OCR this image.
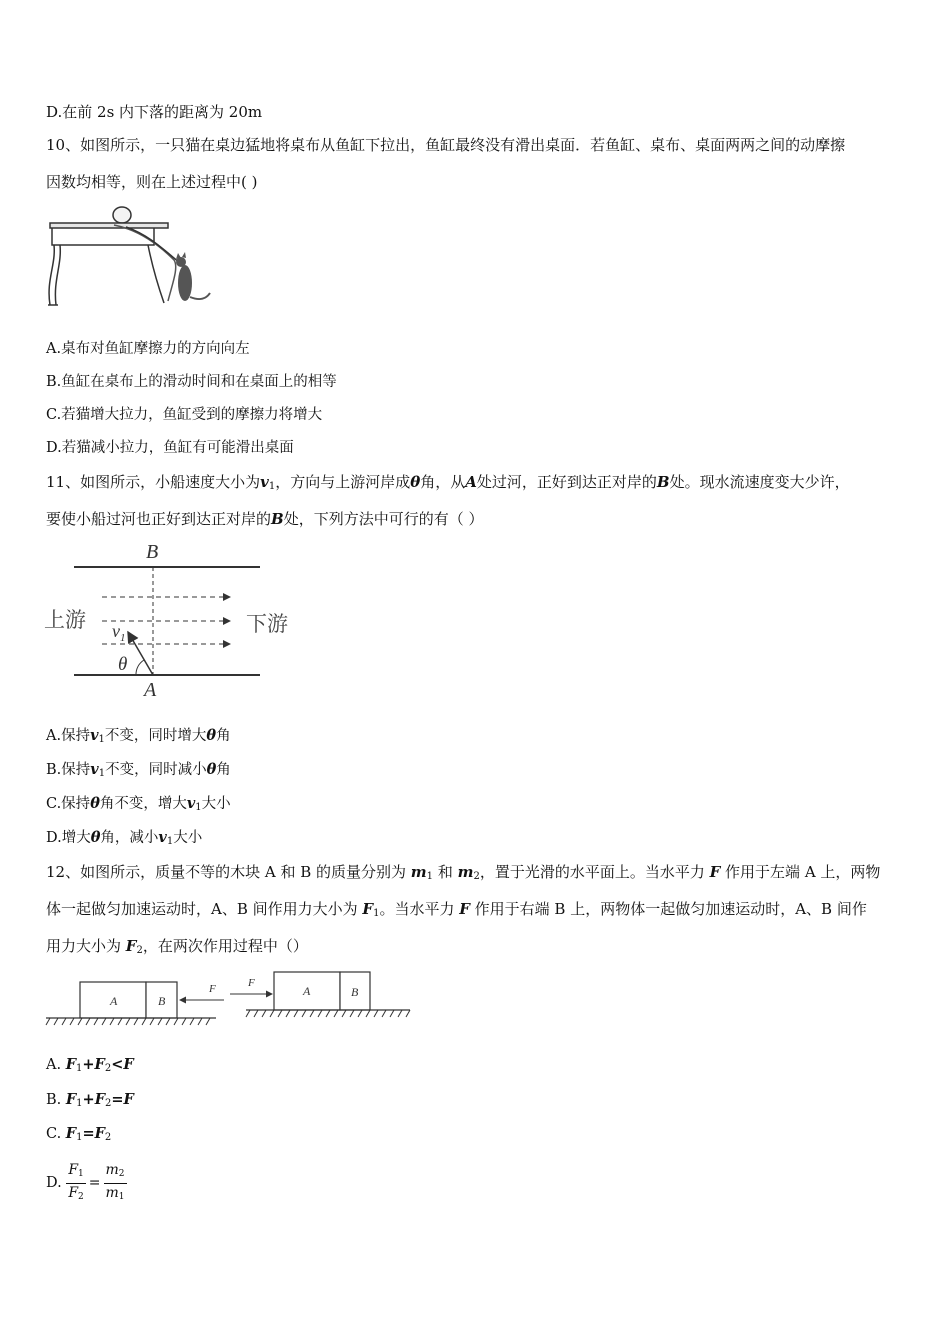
D.在前 2s 内下落的距离为 20m
10、如图所示，一只猫在桌边猛地将桌布从鱼缸下拉出，鱼缸最终没有滑出桌面．若鱼缸、桌布、桌面两两之间的动摩擦
因数均相等，则在上述过程中( )
A.桌布对鱼缸摩擦力的方向向左
B.鱼缸在桌布上的滑动时间和在桌面上的相等
C.若猫增大拉力，鱼缸受到的摩擦力将增大
D.若猫减小拉力，鱼缸有可能滑出桌面
11、如图所示，小船速度大小为$v_1$，方向与上游河岸成θ角，从A处过河，正好到达正对岸的B处。现水流速度变大少许，
要使小船过河也正好到达正对岸的B处，下列方法中可行的有（ ）
B
A
上游	下游
$v_1$
θ
A.保持$v_1$不变，同时增大θ角
B.保持$v_1$不变，同时减小θ角
C.保持θ角不变，增大$v_1$大小
D.增大θ角，减小$v_1$大小
12、如图所示，质量不等的木块 A 和 B 的质量分别为 $m_1$ 和 $m_2$，置于光滑的水平面上。当水平力 F 作用于左端 A 上，两物
体一起做匀加速运动时，A、B 间作用力大小为 $F_1$。当水平力 F 作用于右端 B 上，两物体一起做匀加速运动时，A、B 间作
用力大小为 $F_2$，在两次作用过程中（）
A	B
F	F
A	B
A. $F_1+F_2<F$
B. $F_1+F_2=F$
C. $F_1=F_2$
D. $\frac{F1}{F2} = \frac{m2}{m1}$
